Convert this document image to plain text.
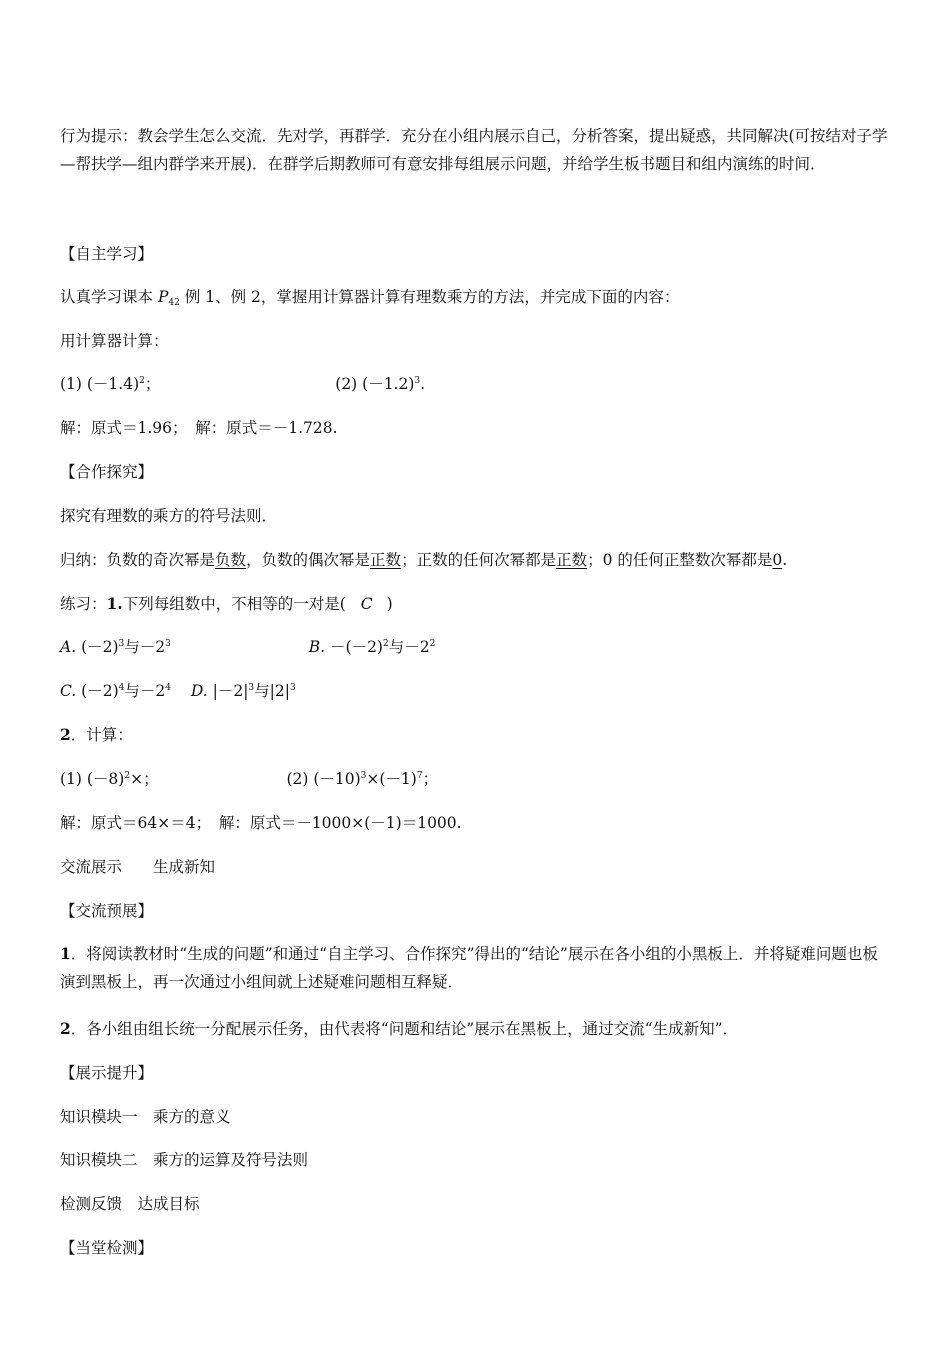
行为提示：教会学生怎么交流．先对学，再群学．充分在小组内展示自己，分析答案，提出疑惑，共同解决(可按结对子学—帮扶学—组内群学来开展)．在群学后期教师可有意安排每组展示问题，并给学生板书题目和组内演练的时间．
【自主学习】
认真学习课本 $P_{42}$ 例 1、例 2，掌握用计算器计算有理数乘方的方法，并完成下面的内容：
用计算器计算：
(1) $(-1.4)^2$；	(2) $(-1.2)^3$.
解：原式＝1.96；　解：原式＝－1.728.
【合作探究】
探究有理数的乘方的符号法则．
归纳：负数的奇次幂是负数，负数的偶次幂是正数；正数的任何次幂都是正数；0 的任何正整数次幂都是0.
练习：1.下列每组数中，不相等的一对是( C )
A. $(-2)^3$与$-2^3$	B. $-(-2)^2$与$-2^2$
C. $(-2)^4$与$-2^4$ D. $|-2|^3$与$|2|^3$
2．计算：
(1) $(-8)^2\times$；	(2) $(-10)^3\times(-1)^7$；
解：原式＝64×＝4；　解：原式＝－1000×(－1)＝1000.
交流展示　　生成新知
【交流预展】
1．将阅读教材时“生成的问题”和通过“自主学习、合作探究”得出的“结论”展示在各小组的小黑板上．并将疑难问题也板演到黑板上，再一次通过小组间就上述疑难问题相互释疑．
2．各小组由组长统一分配展示任务，由代表将“问题和结论”展示在黑板上，通过交流“生成新知”．
【展示提升】
知识模块一　乘方的意义
知识模块二　乘方的运算及符号法则
检测反馈　达成目标
【当堂检测】
